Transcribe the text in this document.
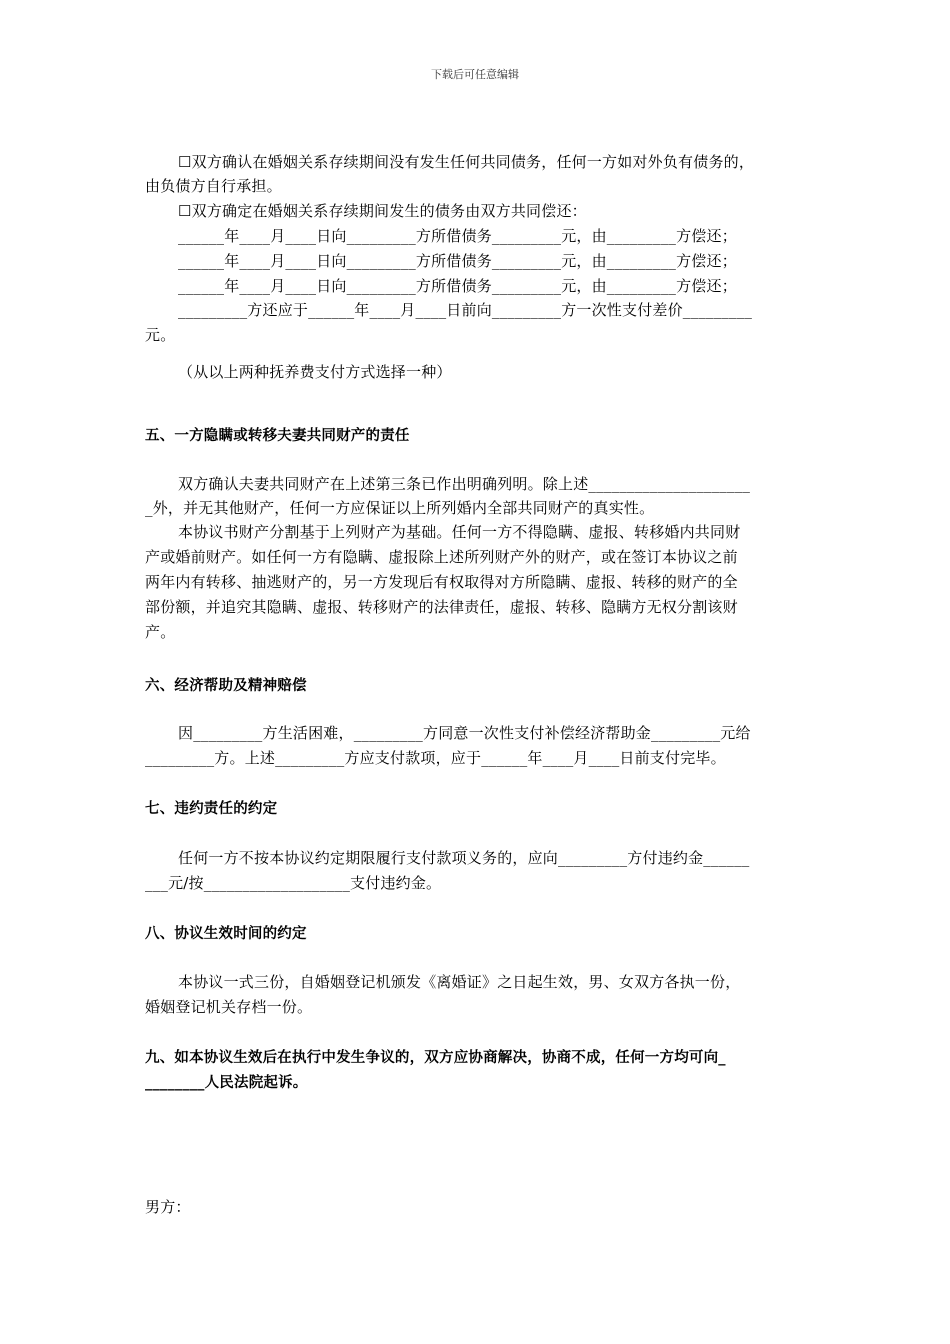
下载后可任意编辑
☐双方确认在婚姻关系存续期间没有发生任何共同债务，任何一方如对外负有债务的，
由负债方自行承担。
☐双方确定在婚姻关系存续期间发生的债务由双方共同偿还：
______年____月____日向_________方所借债务_________元，由_________方偿还；
______年____月____日向_________方所借债务_________元，由_________方偿还；
______年____月____日向_________方所借债务_________元，由_________方偿还；
_________方还应于______年____月____日前向_________方一次性支付差价_________
元。
（从以上两种抚养费支付方式选择一种）
五、一方隐瞒或转移夫妻共同财产的责任
双方确认夫妻共同财产在上述第三条已作出明确列明。除上述_____________________
_外，并无其他财产，任何一方应保证以上所列婚内全部共同财产的真实性。
本协议书财产分割基于上列财产为基础。任何一方不得隐瞒、虚报、转移婚内共同财
产或婚前财产。如任何一方有隐瞒、虚报除上述所列财产外的财产，或在签订本协议之前
两年内有转移、抽逃财产的，另一方发现后有权取得对方所隐瞒、虚报、转移的财产的全
部份额，并追究其隐瞒、虚报、转移财产的法律责任，虚报、转移、隐瞒方无权分割该财
产。
六、经济帮助及精神赔偿
因_________方生活困难，_________方同意一次性支付补偿经济帮助金_________元给
_________方。上述_________方应支付款项，应于______年____月____日前支付完毕。
七、违约责任的约定
任何一方不按本协议约定期限履行支付款项义务的，应向_________方付违约金______
___元/按___________________支付违约金。
八、协议生效时间的约定
本协议一式三份，自婚姻登记机颁发《离婚证》之日起生效，男、女双方各执一份，
婚姻登记机关存档一份。
九、如本协议生效后在执行中发生争议的，双方应协商解决，协商不成，任何一方均可向_
________人民法院起诉。
男方：
